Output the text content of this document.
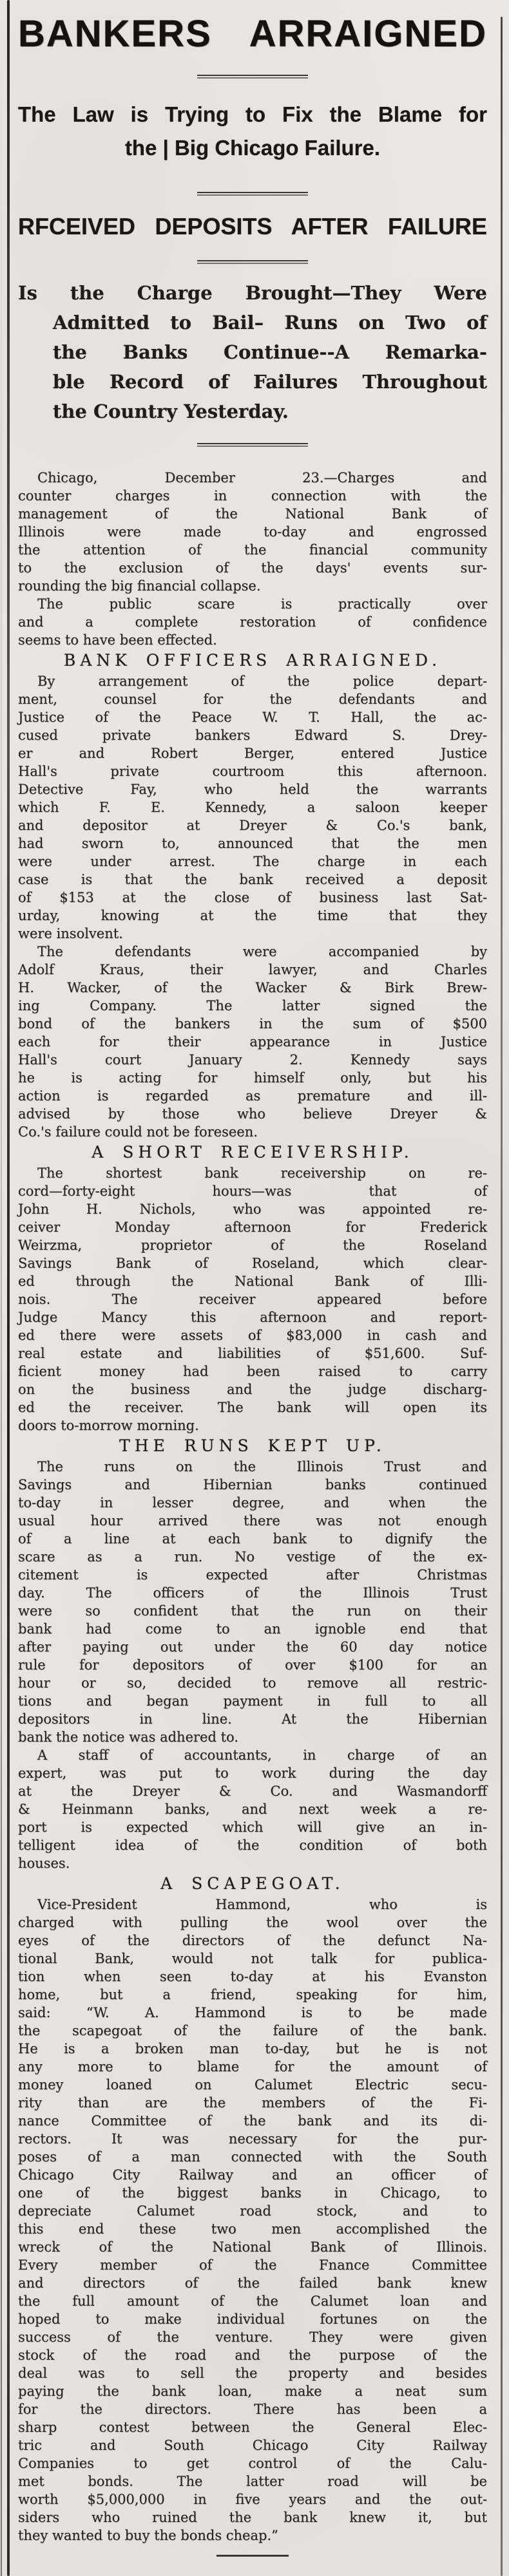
BANKERS ARRAIGNED
The Law is Trying to Fix the Blame for
the | Big Chicago Failure.
RFCEIVED DEPOSITS AFTER FAILURE
Is the Charge Brought—They Were
Admitted to Bail– Runs on Two of
the Banks Continue--A Remarka-
ble Record of Failures Throughout
the Country Yesterday.
Chicago, December 23.—Charges and
counter charges in connection with the
management of the National Bank of
Illinois were made to-day and engrossed
the attention of the financial community
to the exclusion of the days' events sur-
rounding the big financial collapse.
The public scare is practically over
and a complete restoration of confidence
seems to have been effected.
BANK OFFICERS ARRAIGNED.
By arrangement of the police depart-
ment, counsel for the defendants and
Justice of the Peace W. T. Hall, the ac-
cused private bankers Edward S. Drey-
er and Robert Berger, entered Justice
Hall's private courtroom this afternoon.
Detective Fay, who held the warrants
which F. E. Kennedy, a saloon keeper
and depositor at Dreyer & Co.'s bank,
had sworn to, announced that the men
were under arrest. The charge in each
case is that the bank received a deposit
of $153 at the close of business last Sat-
urday, knowing at the time that they
were insolvent.
The defendants were accompanied by
Adolf Kraus, their lawyer, and Charles
H. Wacker, of the Wacker & Birk Brew-
ing Company. The latter signed the
bond of the bankers in the sum of $500
each for their appearance in Justice
Hall's court January 2. Kennedy says
he is acting for himself only, but his
action is regarded as premature and ill-
advised by those who believe Dreyer &
Co.'s failure could not be foreseen.
A SHORT RECEIVERSHIP.
The shortest bank receivership on re-
cord—forty-eight hours—was that of
John H. Nichols, who was appointed re-
ceiver Monday afternoon for Frederick
Weirzma, proprietor of the Roseland
Savings Bank of Roseland, which clear-
ed through the National Bank of Illi-
nois. The receiver appeared before
Judge Mancy this afternoon and report-
ed there were assets of $83,000 in cash and
real estate and liabilities of $51,600. Suf-
ficient money had been raised to carry
on the business and the judge discharg-
ed the receiver. The bank will open its
doors to-morrow morning.
THE RUNS KEPT UP.
The runs on the Illinois Trust and
Savings and Hibernian banks continued
to-day in lesser degree, and when the
usual hour arrived there was not enough
of a line at each bank to dignify the
scare as a run. No vestige of the ex-
citement is expected after Christmas
day. The officers of the Illinois Trust
were so confident that the run on their
bank had come to an ignoble end that
after paying out under the 60 day notice
rule for depositors of over $100 for an
hour or so, decided to remove all restric-
tions and began payment in full to all
depositors in line. At the Hibernian
bank the notice was adhered to.
A staff of accountants, in charge of an
expert, was put to work during the day
at the Dreyer & Co. and Wasmandorff
& Heinmann banks, and next week a re-
port is expected which will give an in-
telligent idea of the condition of both
houses.
A SCAPEGOAT.
Vice-President Hammond, who is
charged with pulling the wool over the
eyes of the directors of the defunct Na-
tional Bank, would not talk for publica-
tion when seen to-day at his Evanston
home, but a friend, speaking for him,
said: “W. A. Hammond is to be made
the scapegoat of the failure of the bank.
He is a broken man to-day, but he is not
any more to blame for the amount of
money loaned on Calumet Electric secu-
rity than are the members of the Fi-
nance Committee of the bank and its di-
rectors. It was necessary for the pur-
poses of a man connected with the South
Chicago City Railway and an officer of
one of the biggest banks in Chicago, to
depreciate Calumet road stock, and to
this end these two men accomplished the
wreck of the National Bank of Illinois.
Every member of the Fnance Committee
and directors of the failed bank knew
the full amount of the Calumet loan and
hoped to make individual fortunes on the
success of the venture. They were given
stock of the road and the purpose of the
deal was to sell the property and besides
paying the bank loan, make a neat sum
for the directors. There has been a
sharp contest between the General Elec-
tric and South Chicago City Railway
Companies to get control of the Calu-
met bonds. The latter road will be
worth $5,000,000 in five years and the out-
siders who ruined the bank knew it, but
they wanted to buy the bonds cheap.”
